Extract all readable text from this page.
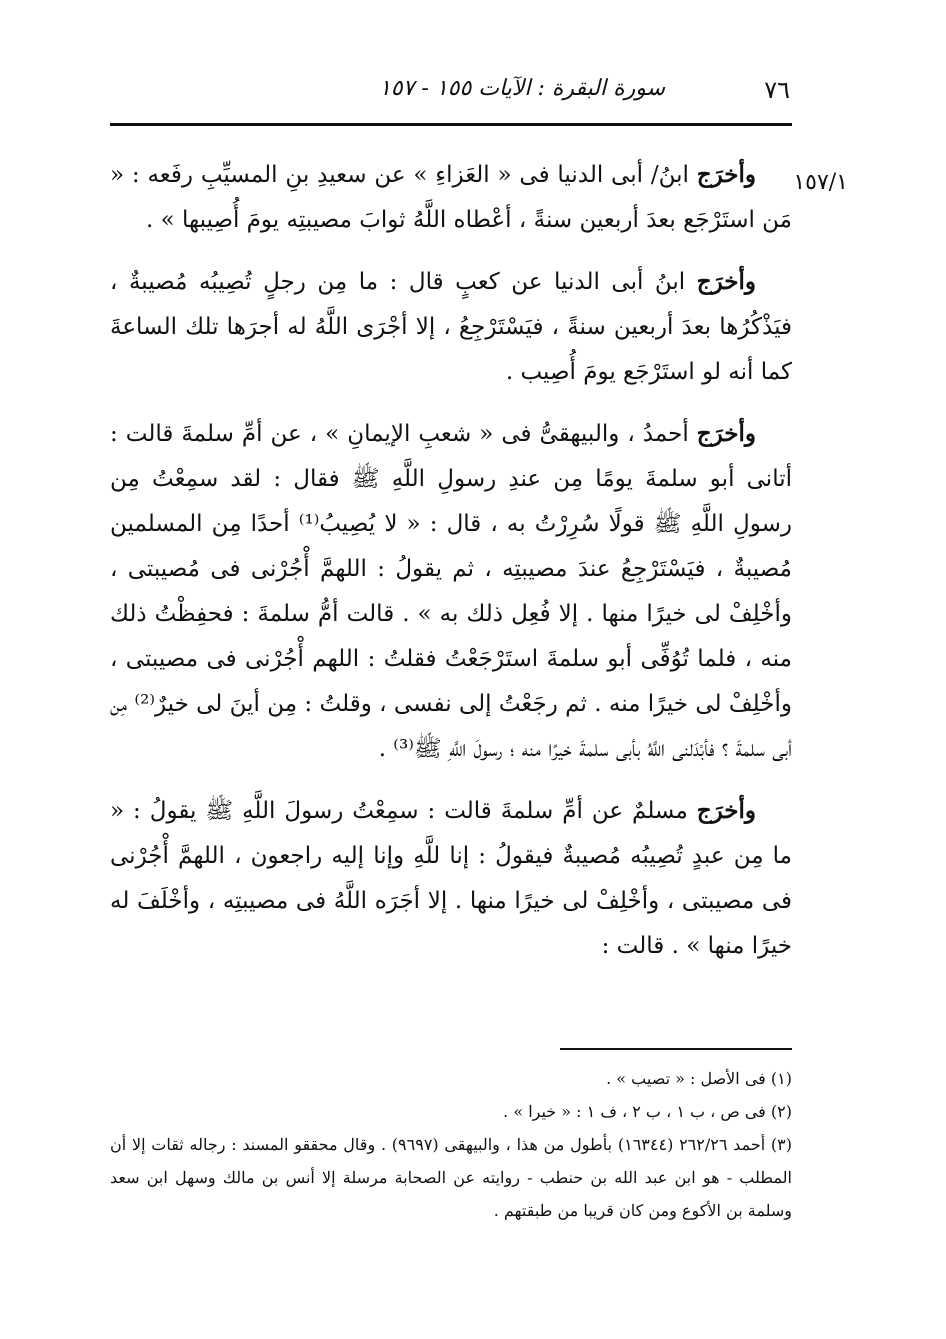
٧٦
سورة البقرة : الآيات ١٥٥ - ١٥٧
١٥٧/١

وأخرَج ابنُ/ أبى الدنيا فى « العَزاءِ » عن سعيدِ بنِ المسيِّبِ رفَعه : « مَن استَرْجَع بعدَ أربعين سنةً ، أعْطاه اللَّهُ ثوابَ مصيبتِه يومَ أُصِيبها » .

وأخرَج ابنُ أبى الدنيا عن كعبٍ قال : ما مِن رجلٍ تُصِيبُه مُصيبةٌ ، فيَذْكُرُها بعدَ أربعين سنةً ، فيَسْتَرْجِعُ ، إلا أجْرَى اللَّهُ له أجرَها تلك الساعةَ كما أنه لو استَرْجَع يومَ أُصِيب .

وأخرَج أحمدُ ، والبيهقىُّ فى « شعبِ الإيمانِ » ، عن أمِّ سلمةَ قالت : أتانى أبو سلمةَ يومًا مِن عندِ رسولِ اللَّهِ ﷺ فقال : لقد سمِعْتُ مِن رسولِ اللَّهِ ﷺ قولًا سُرِرْتُ به ، قال : « لا يُصِيبُ⁽¹⁾ أحدًا مِن المسلمين مُصيبةٌ ، فيَسْتَرْجِعُ عندَ مصيبتِه ، ثم يقولُ : اللهمَّ أْجُرْنى فى مُصيبتى ، وأخْلِفْ لى خيرًا منها . إلا فُعِل ذلك به » . قالت أمُّ سلمةَ : فحفِظْتُ ذلك منه ، فلما تُوُفِّى أبو سلمةَ استَرْجَعْتُ فقلتُ : اللهم أْجُرْنى فى مصيبتى ، وأخْلِفْ لى خيرًا منه . ثم رجَعْتُ إلى نفسى ، وقلتُ : مِن أينَ لى خيرٌ⁽²⁾ مِن أبى سلمةَ ؟ فأبْدَلنى اللَّهُ بأبى سلمةَ خيرًا منه ؛ رسولَ اللَّهِ ﷺ⁽³⁾ .

وأخرَج مسلمٌ عن أمِّ سلمةَ قالت : سمِعْتُ رسولَ اللَّهِ ﷺ يقولُ : « ما مِن عبدٍ تُصِيبُه مُصيبةٌ فيقولُ : إنا للَّهِ وإنا إليه راجعون ، اللهمَّ أْجُرْنى فى مصيبتى ، وأخْلِفْ لى خيرًا منها . إلا أجَرَه اللَّهُ فى مصيبتِه ، وأخْلَفَ له خيرًا منها » . قالت :

(١) فى الأصل : « تصيب » .

(٢) فى ص ، ب ١ ، ب ٢ ، ف ١ : « خيرا » .

(٣) أحمد ٢٦٢/٢٦ (١٦٣٤٤) بأطول من هذا ، والبيهقى (٩٦٩٧) . وقال محققو المسند : رجاله ثقات إلا أن المطلب - هو ابن عبد الله بن حنطب - روايته عن الصحابة مرسلة إلا أنس بن مالك وسهل ابن سعد وسلمة بن الأكوع ومن كان قريبا من طبقتهم .
